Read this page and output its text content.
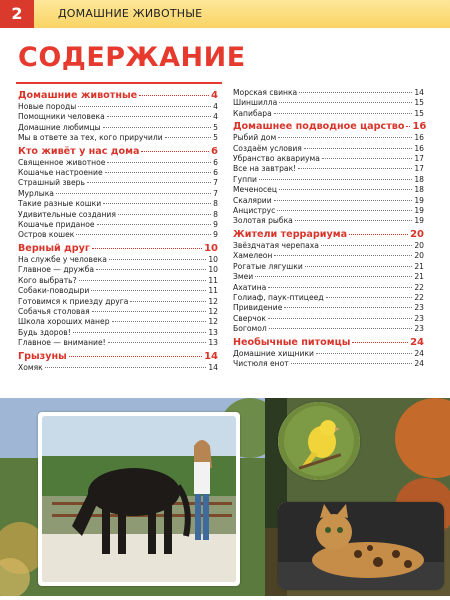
2	ДОМАШНИЕ ЖИВОТНЫЕ
СОДЕРЖАНИЕ
Домашние животные	4
Новые породы	4
Помощники человека	4
Домашние любимцы	5
Мы в ответе за тех, кого приручили	5
Кто живёт у нас дома	6
Священное животное	6
Кошачье настроение	6
Страшный зверь	7
Мурлыка	7
Такие разные кошки	8
Удивительные создания	8
Кошачье приданое	9
Остров кошек	9
Верный друг	10
На службе у человека	10
Главное — дружба	10
Кого выбрать?	11
Собаки-поводыри	11
Готовимся к приезду друга	12
Собачья столовая	12
Школа хороших манер	12
Будь здоров!	13
Главное — внимание!	13
Грызуны	14
Хомяк	14
Морская свинка	14
Шиншилла	15
Капибара	15
Домашнее подводное царство 16
Рыбий дом	16
Создаём условия	16
Убранство аквариума	17
Все на завтрак!	17
Гуппи	18
Меченосец	18
Скалярии	19
Анциструс	19
Золотая рыбка	19
Жители террариума	20
Звёздчатая черепаха	20
Хамелеон	20
Рогатые лягушки	21
Змеи	21
Ахатина	22
Голиаф, паук-птицеед	22
Привидение	23
Сверчок	23
Богомол	23
Необычные питомцы	24
Домашние хищники	24
Чистюля енот	24
